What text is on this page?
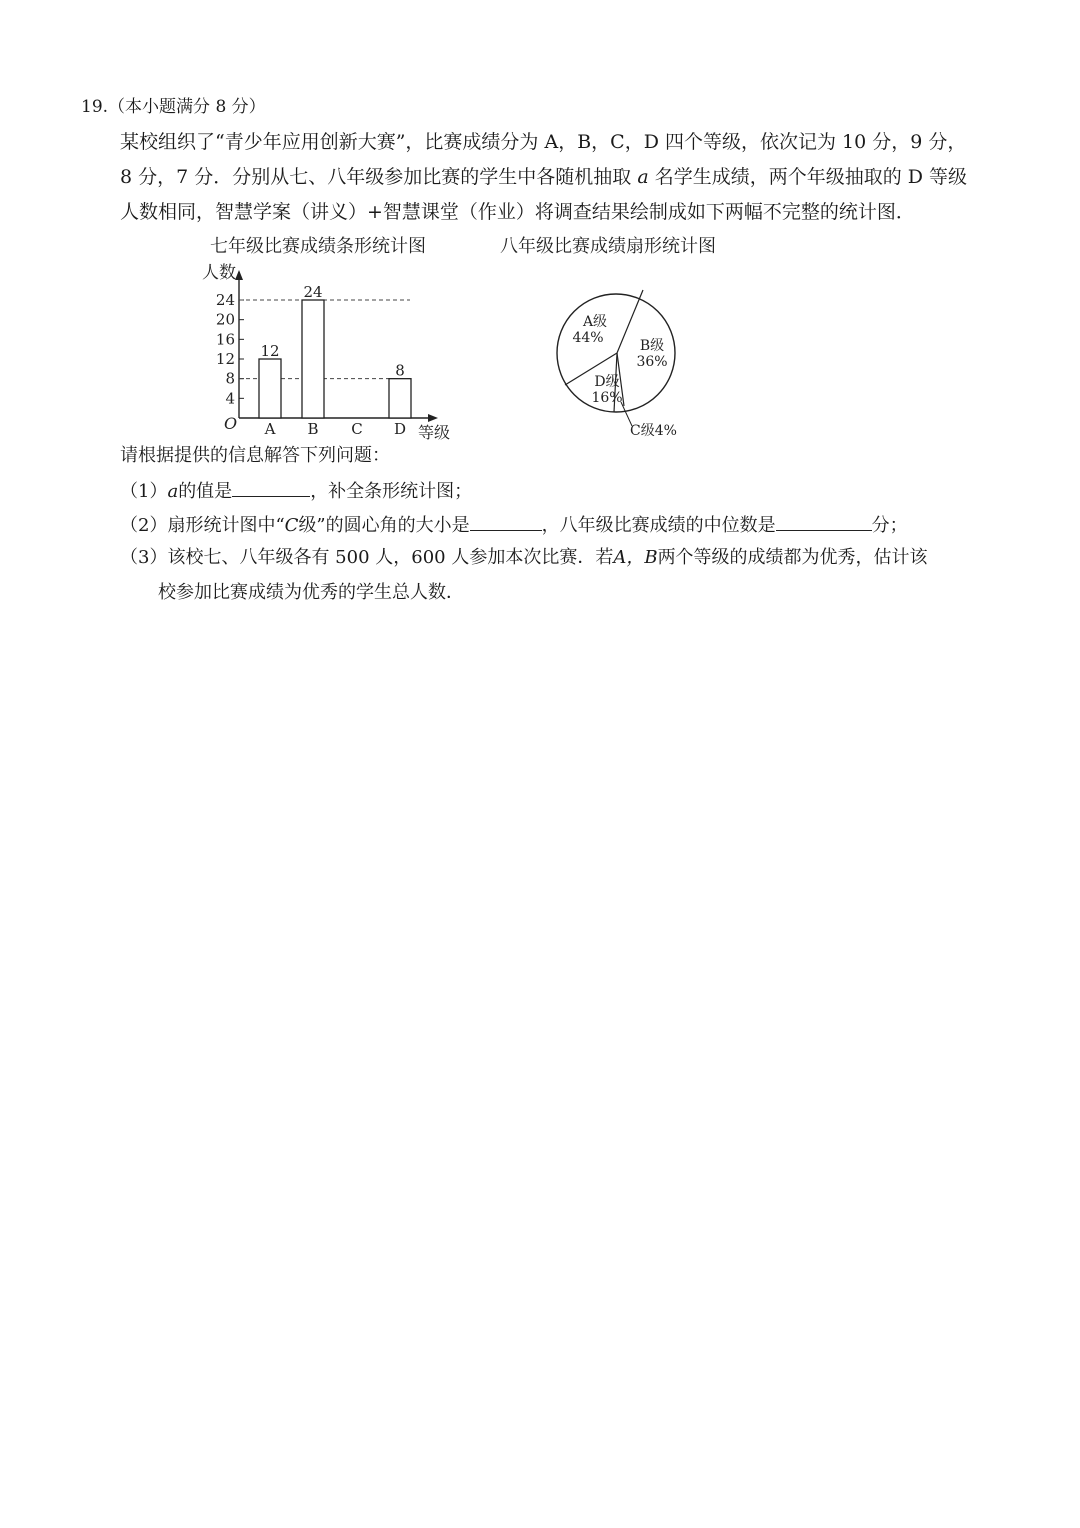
19.（本小题满分 8 分）
某校组织了“青少年应用创新大赛”，比赛成绩分为 A，B，C，D 四个等级，依次记为 10 分，9 分，
8 分，7 分．分别从七、八年级参加比赛的学生中各随机抽取 a 名学生成绩，两个年级抽取的 D 等级
人数相同，智慧学案（讲义）+智慧课堂（作业）将调查结果绘制成如下两幅不完整的统计图．
七年级比赛成绩条形统计图
人数
等级
O
4
8
12
16
20
24
12
A
24
B C
8
D
八年级比赛成绩扇形统计图
A级
44%	B级
36%
C级4%
D级
16%
请根据提供的信息解答下列问题：
（1）a的值是	，补全条形统计图；
（2）扇形统计图中“C级”的圆心角的大小是	，八年级比赛成绩的中位数是	分；
（3）该校七、八年级各有 500 人，600 人参加本次比赛．若A，B两个等级的成绩都为优秀，估计该
校参加比赛成绩为优秀的学生总人数．
